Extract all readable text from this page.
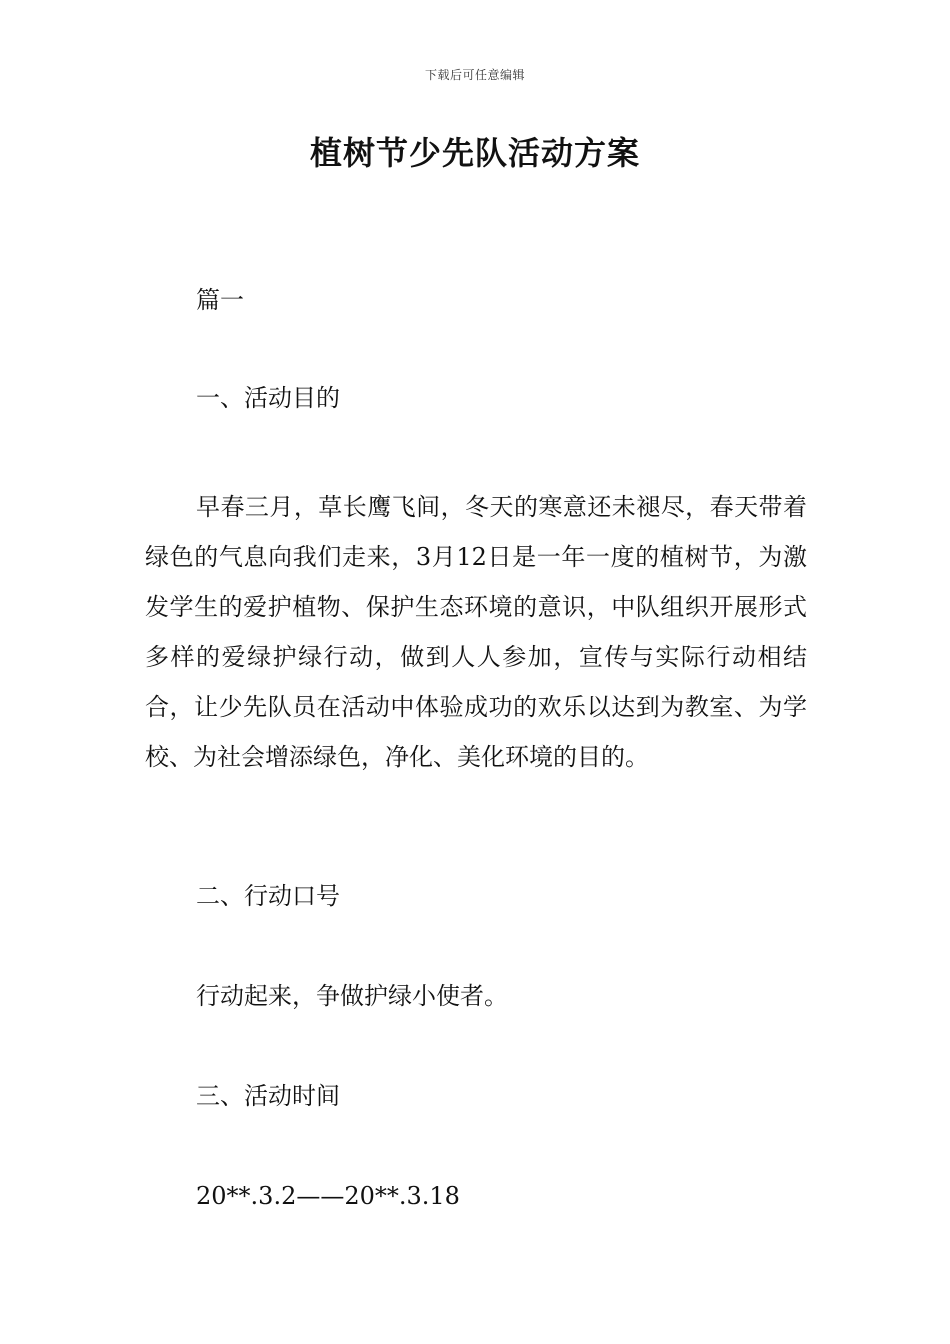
下载后可任意编辑
植树节少先队活动方案
篇一
一、活动目的
早春三月，草长鹰飞间，冬天的寒意还未褪尽，春天带着绿色的气息向我们走来，3月12日是一年一度的植树节，为激发学生的爱护植物、保护生态环境的意识，中队组织开展形式多样的爱绿护绿行动，做到人人参加，宣传与实际行动相结合，让少先队员在活动中体验成功的欢乐以达到为教室、为学校、为社会增添绿色，净化、美化环境的目的。
二、行动口号
行动起来，争做护绿小使者。
三、活动时间
20**.3.2——20**.3.18
